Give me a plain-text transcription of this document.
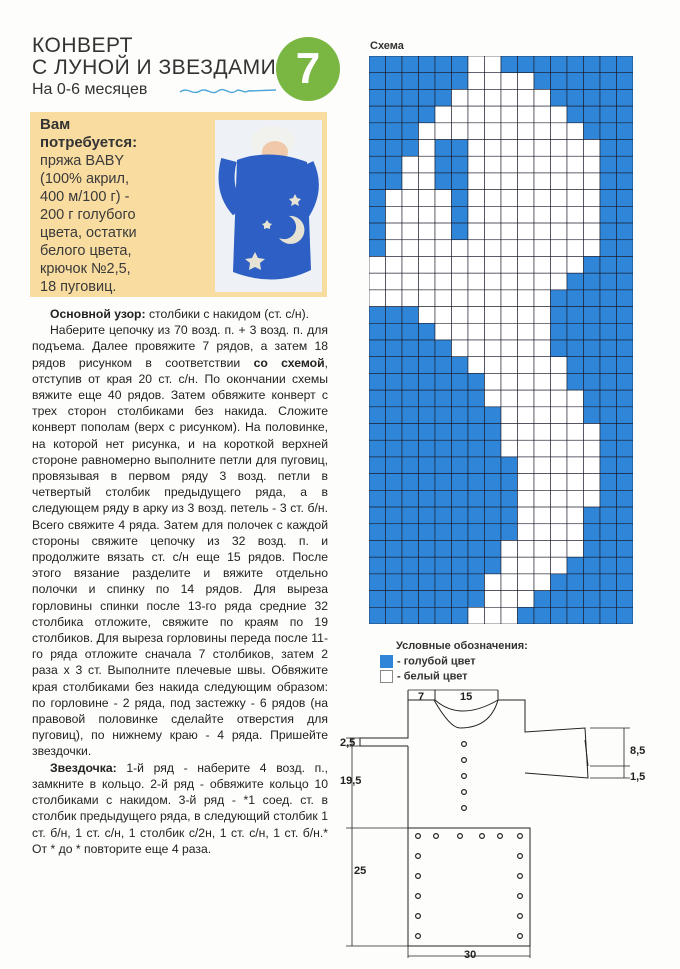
КОНВЕРТ
С ЛУНОЙ И ЗВЕЗДАМИ
На 0-6 месяцев	7
Вам
потребуется:
пряжа BABY
(100% акрил,
400 м/100 г) -
200 г голубого
цвета, остатки
белого цвета,
крючок №2,5,
18 пуговиц.

Основной узор: столбики с накидом (ст. с/н).

Наберите цепочку из 70 возд. п. + 3 возд. п. для подъема. Далее провяжите 7 рядов, а затем 18 рядов рисунком в соответствии со схемой, отступив от края 20 ст. с/н. По окончании схемы вяжите еще 40 рядов. Затем обвяжите конверт с трех сторон столбиками без накида. Сложите конверт пополам (верх с рисунком). На половинке, на которой нет рисунка, и на короткой верхней стороне равномерно выполните петли для пуговиц, провязывая в первом ряду 3 возд. петли в четвертый столбик предыдущего ряда, а в следующем ряду в арку из 3 возд. петель - 3 ст. б/н. Всего свяжите 4 ряда. Затем для полочек с каждой стороны свяжите цепочку из 32 возд. п. и продолжите вязать ст. с/н еще 15 рядов. После этого вязание разделите и вяжите отдельно полочки и спинку по 14 рядов. Для выреза горловины спинки после 13-го ряда средние 32 столбика отложите, свяжите по краям по 19 столбиков. Для выреза горловины переда после 11-го ряда отложите сначала 7 столбиков, затем 2 раза х 3 ст. Выполните плечевые швы. Обвяжите края столбиками без накида следующим образом: по горловине - 2 ряда, под застежку - 6 рядов (на правовой половинке сделайте отверстия для пуговиц), по нижнему краю - 4 ряда. Пришейте звездочки.

Звездочка: 1-й ряд - наберите 4 возд. п., замкните в кольцо. 2-й ряд - обвяжите кольцо 10 столбиками с накидом. 3-й ряд - *1 соед. ст. в столбик предыдущего ряда, в следующий столбик 1 ст. б/н, 1 ст. с/н, 1 столбик с/2н, 1 ст. с/н, 1 ст. б/н.* От * до * повторите еще 4 раза.

Схема
Условные обозначения:
- голубой цвет
- белый цвет
7	15
2,5
19,5
25
8,5
1,5
30
